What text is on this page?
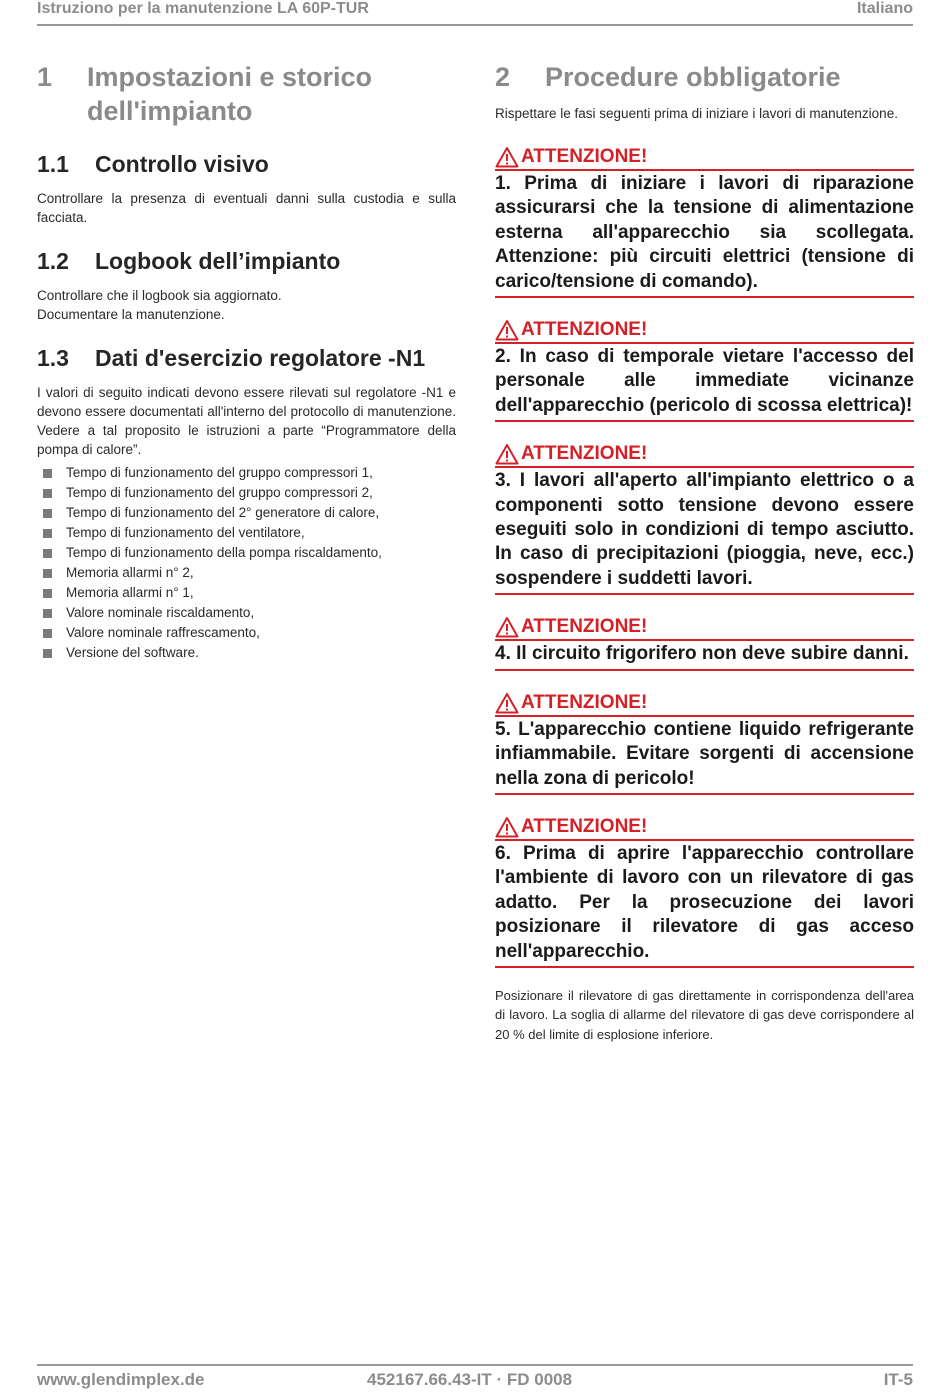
Istruziono per la manutenzione LA 60P-TUR	Italiano
1	Impostazioni e storico
dell'impianto
1.1	Controllo visivo

Controllare la presenza di eventuali danni sulla custodia e sulla facciata.

1.2	Logbook dell’impianto

Controllare che il logbook sia aggiornato.

Documentare la manutenzione.

1.3	Dati d'esercizio regolatore -N1

I valori di seguito indicati devono essere rilevati sul regolatore -N1 e devono essere documentati all'interno del protocollo di manutenzione. Vedere a tal proposito le istruzioni a parte “Programmatore della pompa di calore”.

Tempo di funzionamento del gruppo compressori 1,
Tempo di funzionamento del gruppo compressori 2,
Tempo di funzionamento del 2° generatore di calore,
Tempo di funzionamento del ventilatore,
Tempo di funzionamento della pompa riscaldamento,
Memoria allarmi n° 2,
Memoria allarmi n° 1,
Valore nominale riscaldamento,
Valore nominale raffrescamento,
Versione del software.
2	Procedure obbligatorie

Rispettare le fasi seguenti prima di iniziare i lavori di manutenzione.

ATTENZIONE!
1. Prima di iniziare i lavori di riparazione assicurarsi che la tensione di alimentazione esterna all'apparecchio sia scollegata. Attenzione: più circuiti elettrici (tensione di carico/tensione di comando).
ATTENZIONE!
2. In caso di temporale vietare l'accesso del personale alle immediate vicinanze dell'apparecchio (pericolo di scossa elettrica)!
ATTENZIONE!
3. I lavori all'aperto all'impianto elettrico o a componenti sotto tensione devono essere eseguiti solo in condizioni di tempo asciutto. In caso di precipitazioni (pioggia, neve, ecc.) sospendere i suddetti lavori.
ATTENZIONE!
4. Il circuito frigorifero non deve subire danni.
ATTENZIONE!
5. L'apparecchio contiene liquido refrigerante infiammabile. Evitare sorgenti di accensione nella zona di pericolo!
ATTENZIONE!
6. Prima di aprire l'apparecchio controllare l'ambiente di lavoro con un rilevatore di gas adatto. Per la prosecuzione dei lavori posizionare il rilevatore di gas acceso nell'apparecchio.

Posizionare il rilevatore di gas direttamente in corrispondenza dell'area di lavoro. La soglia di allarme del rilevatore di gas deve corrispondere al 20 % del limite di esplosione inferiore.

www.glendimplex.de	452167.66.43-IT · FD 0008	IT-5
